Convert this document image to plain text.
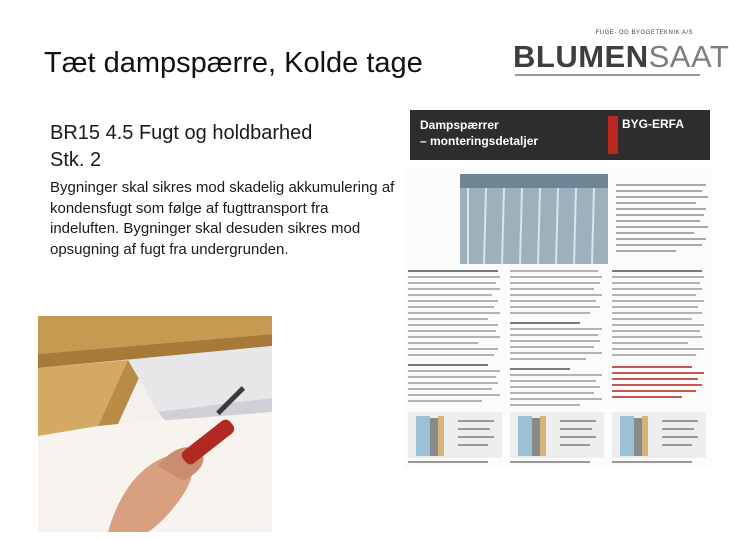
Tæt dampspærre, Kolde tage
FUGE- OG BYGGETEKNIK A/S
BLUMENSAAT
BR15 4.5 Fugt og holdbarhed
Stk. 2
Bygninger skal sikres mod skadelig akkumulering af kondensfugt som følge af fugttransport fra indeluften. Bygninger skal desuden sikres mod opsugning af fugt fra undergrunden.
Dampspærrer
– monteringsdetaljer
BYG-ERFA
